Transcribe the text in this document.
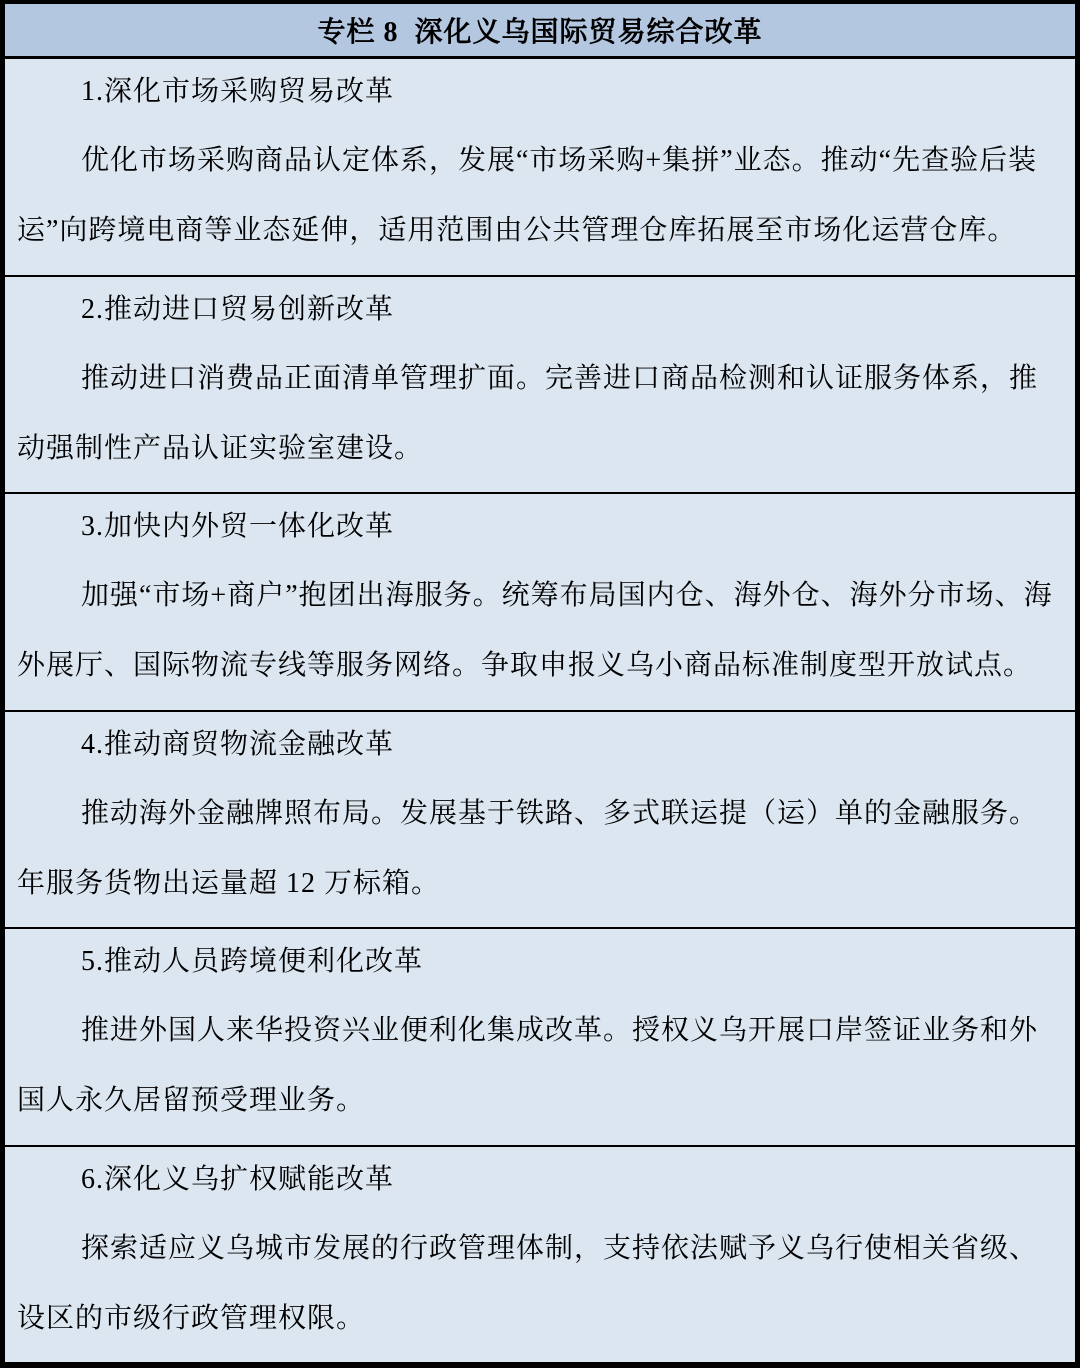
专栏 8  深化义乌国际贸易综合改革

1.深化市场采购贸易改革

优化市场采购商品认定体系，发展“市场采购+集拼”业态。推动“先查验后装运”向跨境电商等业态延伸，适用范围由公共管理仓库拓展至市场化运营仓库。

2.推动进口贸易创新改革

推动进口消费品正面清单管理扩面。完善进口商品检测和认证服务体系，推动强制性产品认证实验室建设。

3.加快内外贸一体化改革

加强“市场+商户”抱团出海服务。统筹布局国内仓、海外仓、海外分市场、海外展厅、国际物流专线等服务网络。争取申报义乌小商品标准制度型开放试点。

4.推动商贸物流金融改革

推动海外金融牌照布局。发展基于铁路、多式联运提（运）单的金融服务。年服务货物出运量超 12 万标箱。

5.推动人员跨境便利化改革

推进外国人来华投资兴业便利化集成改革。授权义乌开展口岸签证业务和外国人永久居留预受理业务。

6.深化义乌扩权赋能改革

探索适应义乌城市发展的行政管理体制，支持依法赋予义乌行使相关省级、设区的市级行政管理权限。
